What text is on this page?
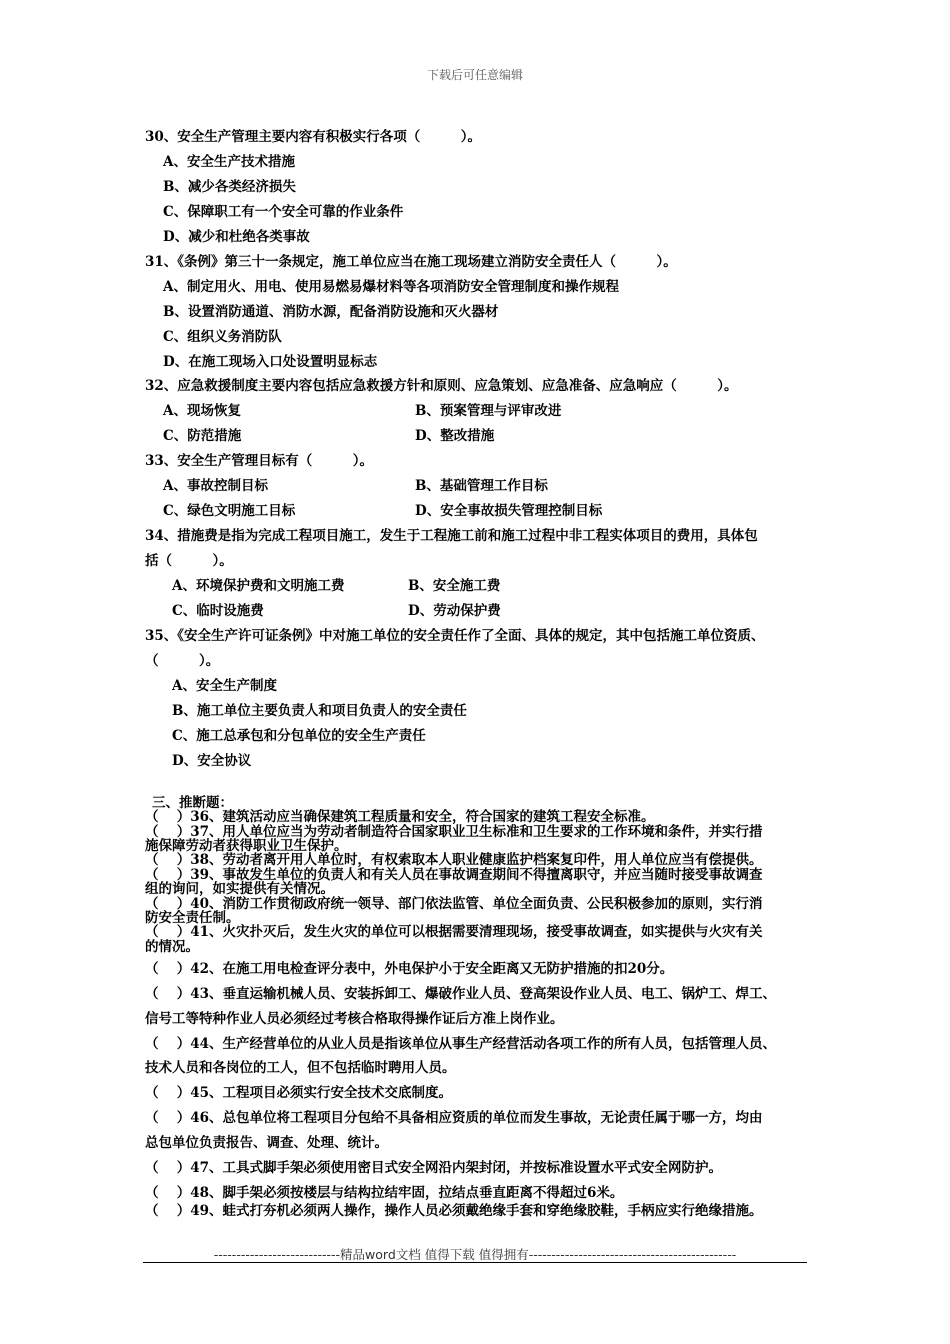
下载后可任意编辑
30、安全生产管理主要内容有积极实行各项（　　　）。
A、安全生产技术措施
B、减少各类经济损失
C、保障职工有一个安全可靠的作业条件
D、减少和杜绝各类事故
31、《条例》第三十一条规定，施工单位应当在施工现场建立消防安全责任人（　　　）。
A、制定用火、用电、使用易燃易爆材料等各项消防安全管理制度和操作规程
B、设置消防通道、消防水源，配备消防设施和灭火器材
C、组织义务消防队
D、在施工现场入口处设置明显标志
32、应急救援制度主要内容包括应急救援方针和原则、应急策划、应急准备、应急响应（　　　）。
A、现场恢复	B、预案管理与评审改进
C、防范措施	D、整改措施
33、安全生产管理目标有（　　　）。
A、事故控制目标	B、基础管理工作目标
C、绿色文明施工目标	D、安全事故损失管理控制目标
34、措施费是指为完成工程项目施工，发生于工程施工前和施工过程中非工程实体项目的费用，具体包
括（　　　）。
A、环境保护费和文明施工费	B、安全施工费
C、临时设施费	D、劳动保护费
35、《安全生产许可证条例》中对施工单位的安全责任作了全面、具体的规定，其中包括施工单位资质、
（　　　）。
A、安全生产制度
B、施工单位主要负责人和项目负责人的安全责任
C、施工总承包和分包单位的安全生产责任
D、安全协议
三、推断题：
（　 ）36、建筑活动应当确保建筑工程质量和安全，符合国家的建筑工程安全标准。
（　 ）37、用人单位应当为劳动者制造符合国家职业卫生标准和卫生要求的工作环境和条件，并实行措
施保障劳动者获得职业卫生保护。
（　 ）38、劳动者离开用人单位时，有权索取本人职业健康监护档案复印件，用人单位应当有偿提供。
（　 ）39、事故发生单位的负责人和有关人员在事故调查期间不得擅离职守，并应当随时接受事故调查
组的询问，如实提供有关情况。
（　 ）40、消防工作贯彻政府统一领导、部门依法监管、单位全面负责、公民积极参加的原则，实行消
防安全责任制。
（　 ）41、火灾扑灭后，发生火灾的单位可以根据需要清理现场，接受事故调查，如实提供与火灾有关
的情况。
（　 ）42、在施工用电检查评分表中，外电保护小于安全距离又无防护措施的扣20分。
（　 ）43、垂直运输机械人员、安装拆卸工、爆破作业人员、登高架设作业人员、电工、锅炉工、焊工、
信号工等特种作业人员必须经过考核合格取得操作证后方准上岗作业。
（　 ）44、生产经营单位的从业人员是指该单位从事生产经营活动各项工作的所有人员，包括管理人员、
技术人员和各岗位的工人，但不包括临时聘用人员。
（　 ）45、工程项目必须实行安全技术交底制度。
（　 ）46、总包单位将工程项目分包给不具备相应资质的单位而发生事故，无论责任属于哪一方，均由
总包单位负责报告、调查、处理、统计。
（　 ）47、工具式脚手架必须使用密目式安全网沿内架封闭，并按标准设置水平式安全网防护。
（　 ）48、脚手架必须按楼层与结构拉结牢固，拉结点垂直距离不得超过6米。
（　 ）49、蛙式打夯机必须两人操作，操作人员必须戴绝缘手套和穿绝缘胶鞋，手柄应实行绝缘措施。
----------------------------精品word文档 值得下载 值得拥有----------------------------------------------
